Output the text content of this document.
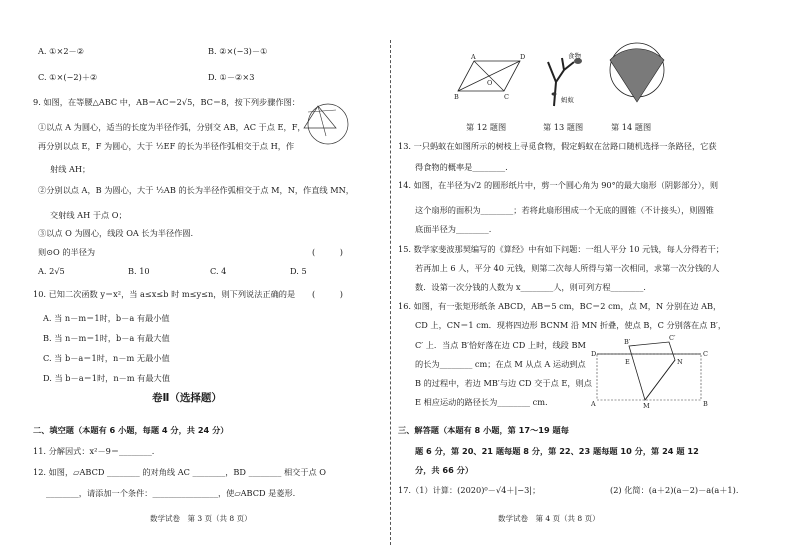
A. ①×2－②	B. ②×(−3)－①
C. ①×(−2)＋②	D. ①－②×3
9. 如图，在等腰△ABC 中，AB＝AC＝2√5，BC＝8，按下列步骤作图：
①以点 A 为圆心，适当的长度为半径作弧，分别交 AB，AC 于点 E，F，
再分别以点 E，F 为圆心，大于 ½EF 的长为半径作弧相交于点 H，作
射线 AH；
②分别以点 A，B 为圆心，大于 ½AB 的长为半径作弧相交于点 M，N，作直线 MN，
交射线 AH 于点 O；
③以点 O 为圆心，线段 OA 长为半径作圆.
则⊙O 的半径为	(　　　)
A. 2√5	B. 10	C. 4	D. 5
10. 已知二次函数 y＝x²，当 a≤x≤b 时 m≤y≤n，则下列说法正确的是 (　　　)
A. 当 n－m＝1时，b－a 有最小值
B. 当 n－m＝1时，b－a 有最大值
C. 当 b－a＝1时，n－m 无最小值
D. 当 b－a＝1时，n－m 有最大值
卷Ⅱ（选择题）
二、填空题（本题有 6 小题，每题 4 分，共 24 分）
11. 分解因式：x²－9＝________.
12. 如图，▱ABCD ________ 的对角线 AC ________，BD ________ 相交于点 O
________，请添加一个条件：________________，使▱ABCD 是菱形.
数学试卷　第 3 页（共 8 页）
A	D
B	C
O
食物
蚂蚁
第 12 题图	第 13 题图	第 14 题图
13. 一只蚂蚁在如图所示的树枝上寻觅食物，假定蚂蚁在岔路口随机选择一条路径，它获
得食物的概率是________.
14. 如图，在半径为√2 的圆形纸片中，剪一个圆心角为 90°的最大扇形（阴影部分），则
这个扇形的面积为________；若将此扇形围成一个无底的圆锥（不计接头），则圆锥
底面半径为________.
15. 数学家斐波那契编写的《算经》中有如下问题：一组人平分 10 元钱，每人分得若干；
若再加上 6 人，平分 40 元钱，则第二次每人所得与第一次相同，求第一次分钱的人
数．设第一次分钱的人数为 x________人，则可列方程________.
16. 如图，有一张矩形纸条 ABCD，AB＝5 cm，BC＝2 cm，点 M，N 分别在边 AB，
CD 上，CN＝1 cm．现将四边形 BCNM 沿 MN 折叠，使点 B，C 分别落在点 B′，
C′ 上．当点 B′恰好落在边 CD 上时，线段 BM
的长为________ cm；在点 M 从点 A 运动到点
B 的过程中，若边 MB′与边 CD 交于点 E，则点
E 相应运动的路径长为________ cm.
D	C
A	B
B′	C′
E	N
M
三、解答题（本题有 8 小题，第 17～19 题每
题 6 分，第 20、21 题每题 8 分，第 22、23 题每题 10 分，第 24 题 12
分，共 66 分）
17.（1）计算：(2020)⁰－√4＋|−3|；	(2) 化简：(a＋2)(a－2)－a(a＋1).
数学试卷　第 4 页（共 8 页）
